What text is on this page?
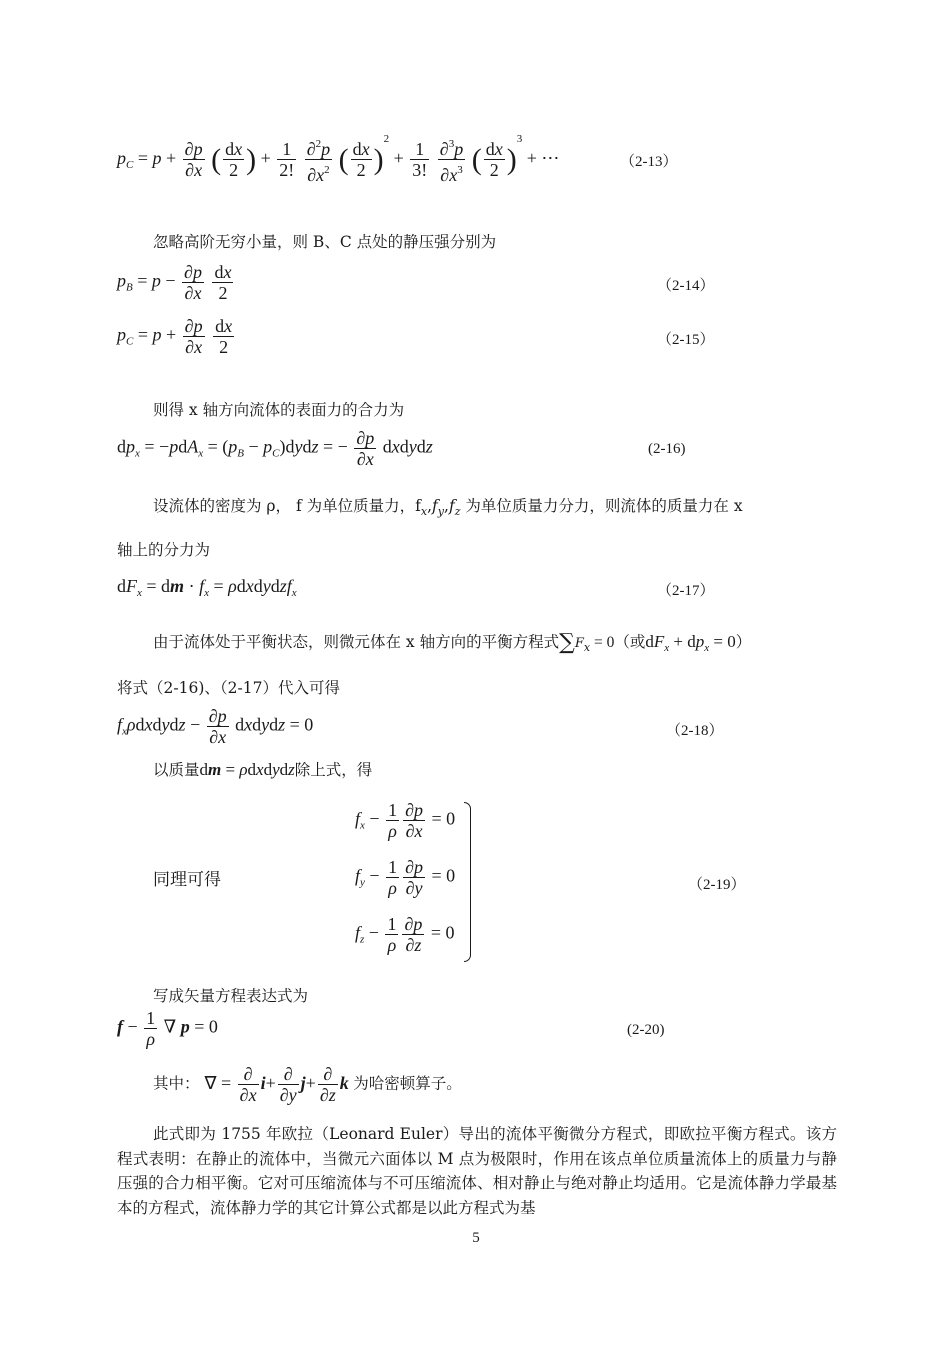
$p_C = p + \frac{\partial p}{\partial x}$ ( $\frac{dx}{2}$ ) + $\frac{1}{2!}$
$\frac{\partial^2p}{\partial x^2}$ ( $\frac{dx}{2} )^2 + \frac{1}{3!}$
$\frac{\partial^3p}{\partial x^3}$ ( $\frac{dx}{2} )^3$ + ⋯	（2-13）
忽略高阶无穷小量，则 B、C 点处的静压强分别为
$p_B = p - \frac{\partial p}{\partial x}$
$\frac{dx}{2}$	（2-14）
$p_C = p + \frac{\partial p}{\partial x}$
$\frac{dx}{2}$	（2-15）
则得 x 轴方向流体的表面力的合力为
$dp_x = -pdA_x = (p_B$ − $p_C)dydz$ = − $\frac{\partial p}{\partial x}$ dxdydz	(2-16)
设流体的密度为 ρ， f 为单位质量力，$f_x,f_y,f_z$ 为单位质量力分力，则流体的质量力在 x
轴上的分力为
$dF_x$ = dm · $f_x$ = ρdxdydzf$_x$	（2-17）
由于流体处于平衡状态，则微元体在 x 轴方向的平衡方程式$\sum F_x = 0$（或$dF_x + dp_x = 0$）
将式（2-16)、（2-17）代入可得
$f_x\rho dxdydz - \frac{\partial p}{\partial x}$ dxdydz = 0	（2-18）
以质量dm = ρdxdydz除上式，得
同理可得
$f_x - \frac{1}{\rho} \frac{\partial p}{\partial x} = 0$
$f_y - \frac{1}{\rho} \frac{\partial p}{\partial y} = 0$
$f_z - \frac{1}{\rho} \frac{\partial p}{\partial z} = 0$
（2-19）
写成矢量方程表达式为
$f - \frac{1}{\rho}$ ∇ p = 0	(2-20)
其中： ∇ = $\frac{\partial}{\partial x} i+ \frac{\partial}{\partial y} j+ \frac{\partial}{\partial z}$ k 为哈密顿算子。
此式即为 1755 年欧拉（Leonard Euler）导出的流体平衡微分方程式，即欧拉平衡方程式。该方程式表明：在静止的流体中，当微元六面体以 M 点为极限时，作用在该点单位质量流体上的质量力与静压强的合力相平衡。它对可压缩流体与不可压缩流体、相对静止与绝对静止均适用。它是流体静力学最基本的方程式，流体静力学的其它计算公式都是以此方程式为基
5
